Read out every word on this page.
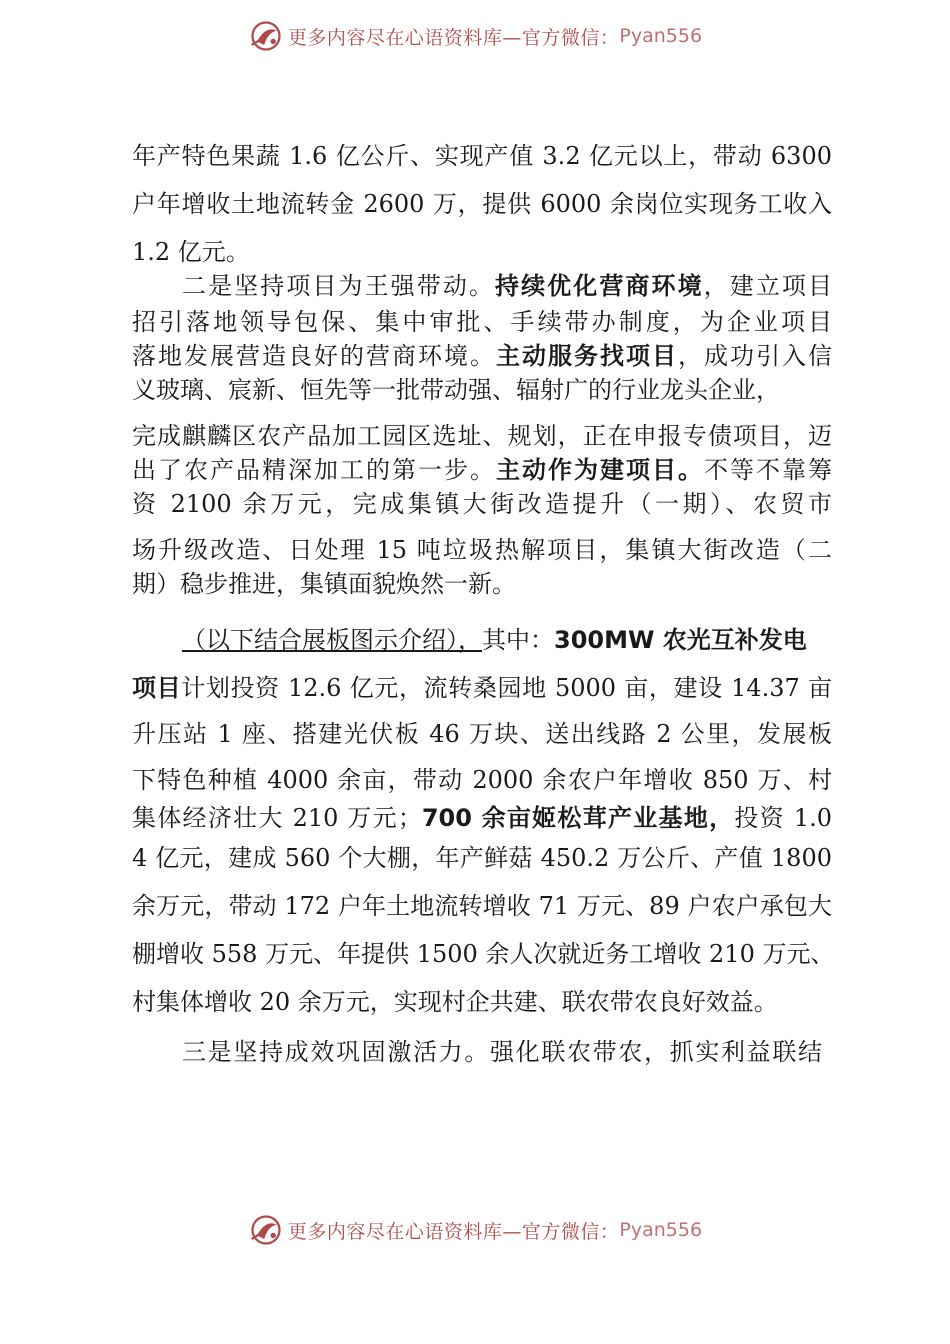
更多内容尽在心语资料库—官方微信： Pyan556
年产特色果蔬 1.6 亿公斤、实现产值 3.2 亿元以上，带动 6300
户年增收土地流转金 2600 万，提供 6000 余岗位实现务工收入
1.2 亿元。
二是坚持项目为王强带动。持续优化营商环境，建立项目
招引落地领导包保、集中审批、手续带办制度，为企业项目
落地发展营造良好的营商环境。主动服务找项目，成功引入信
义玻璃、宸新、恒先等一批带动强、辐射广的行业龙头企业，
完成麒麟区农产品加工园区选址、规划，正在申报专债项目，迈
出了农产品精深加工的第一步。主动作为建项目。不等不靠筹
资 2100 余万元，完成集镇大街改造提升（一期）、农贸市
场升级改造、日处理 15 吨垃圾热解项目，集镇大街改造（二
期）稳步推进，集镇面貌焕然一新。
（以下结合展板图示介绍），其中：300MW 农光互补发电
项目计划投资 12.6 亿元，流转桑园地 5000 亩，建设 14.37 亩
升压站 1 座、搭建光伏板 46 万块、送出线路 2 公里，发展板
下特色种植 4000 余亩，带动 2000 余农户年增收 850 万、村
集体经济壮大 210 万元；700 余亩姬松茸产业基地，投资 1.0
4 亿元，建成 560 个大棚，年产鲜菇 450.2 万公斤、产值 1800
余万元，带动 172 户年土地流转增收 71 万元、89 户农户承包大
棚增收 558 万元、年提供 1500 余人次就近务工增收 210 万元、
村集体增收 20 余万元，实现村企共建、联农带农良好效益。
三是坚持成效巩固激活力。强化联农带农，抓实利益联结
更多内容尽在心语资料库—官方微信： Pyan556
